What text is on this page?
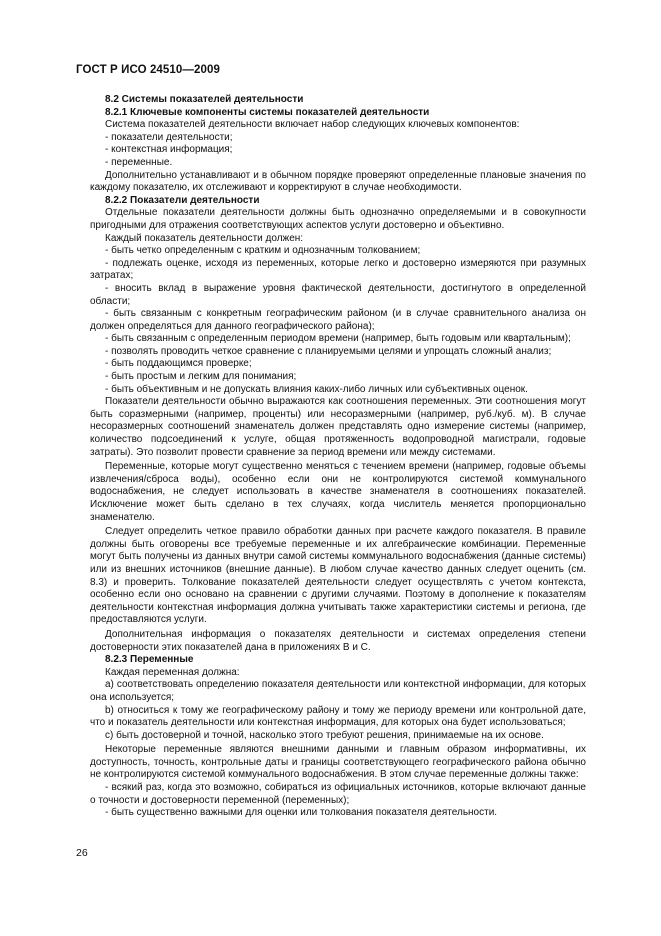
ГОСТ Р ИСО 24510—2009

8.2 Системы показателей деятельности

8.2.1 Ключевые компоненты системы показателей деятельности

Система показателей деятельности включает набор следующих ключевых компонентов:

- показатели деятельности;

- контекстная информация;

- переменные.

Дополнительно устанавливают и в обычном порядке проверяют определенные плановые значения по каждому показателю, их отслеживают и корректируют в случае необходимости.

8.2.2 Показатели деятельности

Отдельные показатели деятельности должны быть однозначно определяемыми и в совокупности пригодными для отражения соответствующих аспектов услуги достоверно и объективно.

Каждый показатель деятельности должен:

- быть четко определенным с кратким и однозначным толкованием;

- подлежать оценке, исходя из переменных, которые легко и достоверно измеряются при разумных затратах;

- вносить вклад в выражение уровня фактической деятельности, достигнутого в определенной области;

- быть связанным с конкретным географическим районом (и в случае сравнительного анализа он должен определяться для данного географического района);

- быть связанным с определенным периодом времени (например, быть годовым или квартальным);

- позволять проводить четкое сравнение с планируемыми целями и упрощать сложный анализ;

- быть поддающимся проверке;

- быть простым и легким для понимания;

- быть объективным и не допускать влияния каких-либо личных или субъективных оценок.

Показатели деятельности обычно выражаются как соотношения переменных. Эти соотношения могут быть соразмерными (например, проценты) или несоразмерными (например, руб./куб. м). В случае несоразмерных соотношений знаменатель должен представлять одно измерение системы (например, количество подсоединений к услуге, общая протяженность водопроводной магистрали, годовые затраты). Это позволит провести сравнение за период времени или между системами.

Переменные, которые могут существенно меняться с течением времени (например, годовые объемы извлечения/сброса воды), особенно если они не контролируются системой коммунального водоснабжения, не следует использовать в качестве знаменателя в соотношениях показателей. Исключение может быть сделано в тех случаях, когда числитель меняется пропорционально знаменателю.

Следует определить четкое правило обработки данных при расчете каждого показателя. В правиле должны быть оговорены все требуемые переменные и их алгебраические комбинации. Переменные могут быть получены из данных внутри самой системы коммунального водоснабжения (данные системы) или из внешних источников (внешние данные). В любом случае качество данных следует оценить (см. 8.3) и проверить. Толкование показателей деятельности следует осуществлять с учетом контекста, особенно если оно основано на сравнении с другими случаями. Поэтому в дополнение к показателям деятельности контекстная информация должна учитывать также характеристики системы и региона, где предоставляются услуги.

Дополнительная информация о показателях деятельности и системах определения степени достоверности этих показателей дана в приложениях В и С.

8.2.3 Переменные

Каждая переменная должна:

a) соответствовать определению показателя деятельности или контекстной информации, для которых она используется;

b) относиться к тому же географическому району и тому же периоду времени или контрольной дате, что и показатель деятельности или контекстная информация, для которых она будет использоваться;

c) быть достоверной и точной, насколько этого требуют решения, принимаемые на их основе.

Некоторые переменные являются внешними данными и главным образом информативны, их доступность, точность, контрольные даты и границы соответствующего географического района обычно не контролируются системой коммунального водоснабжения. В этом случае переменные должны также:

- всякий раз, когда это возможно, собираться из официальных источников, которые включают данные о точности и достоверности переменной (переменных);

- быть существенно важными для оценки или толкования показателя деятельности.

26
